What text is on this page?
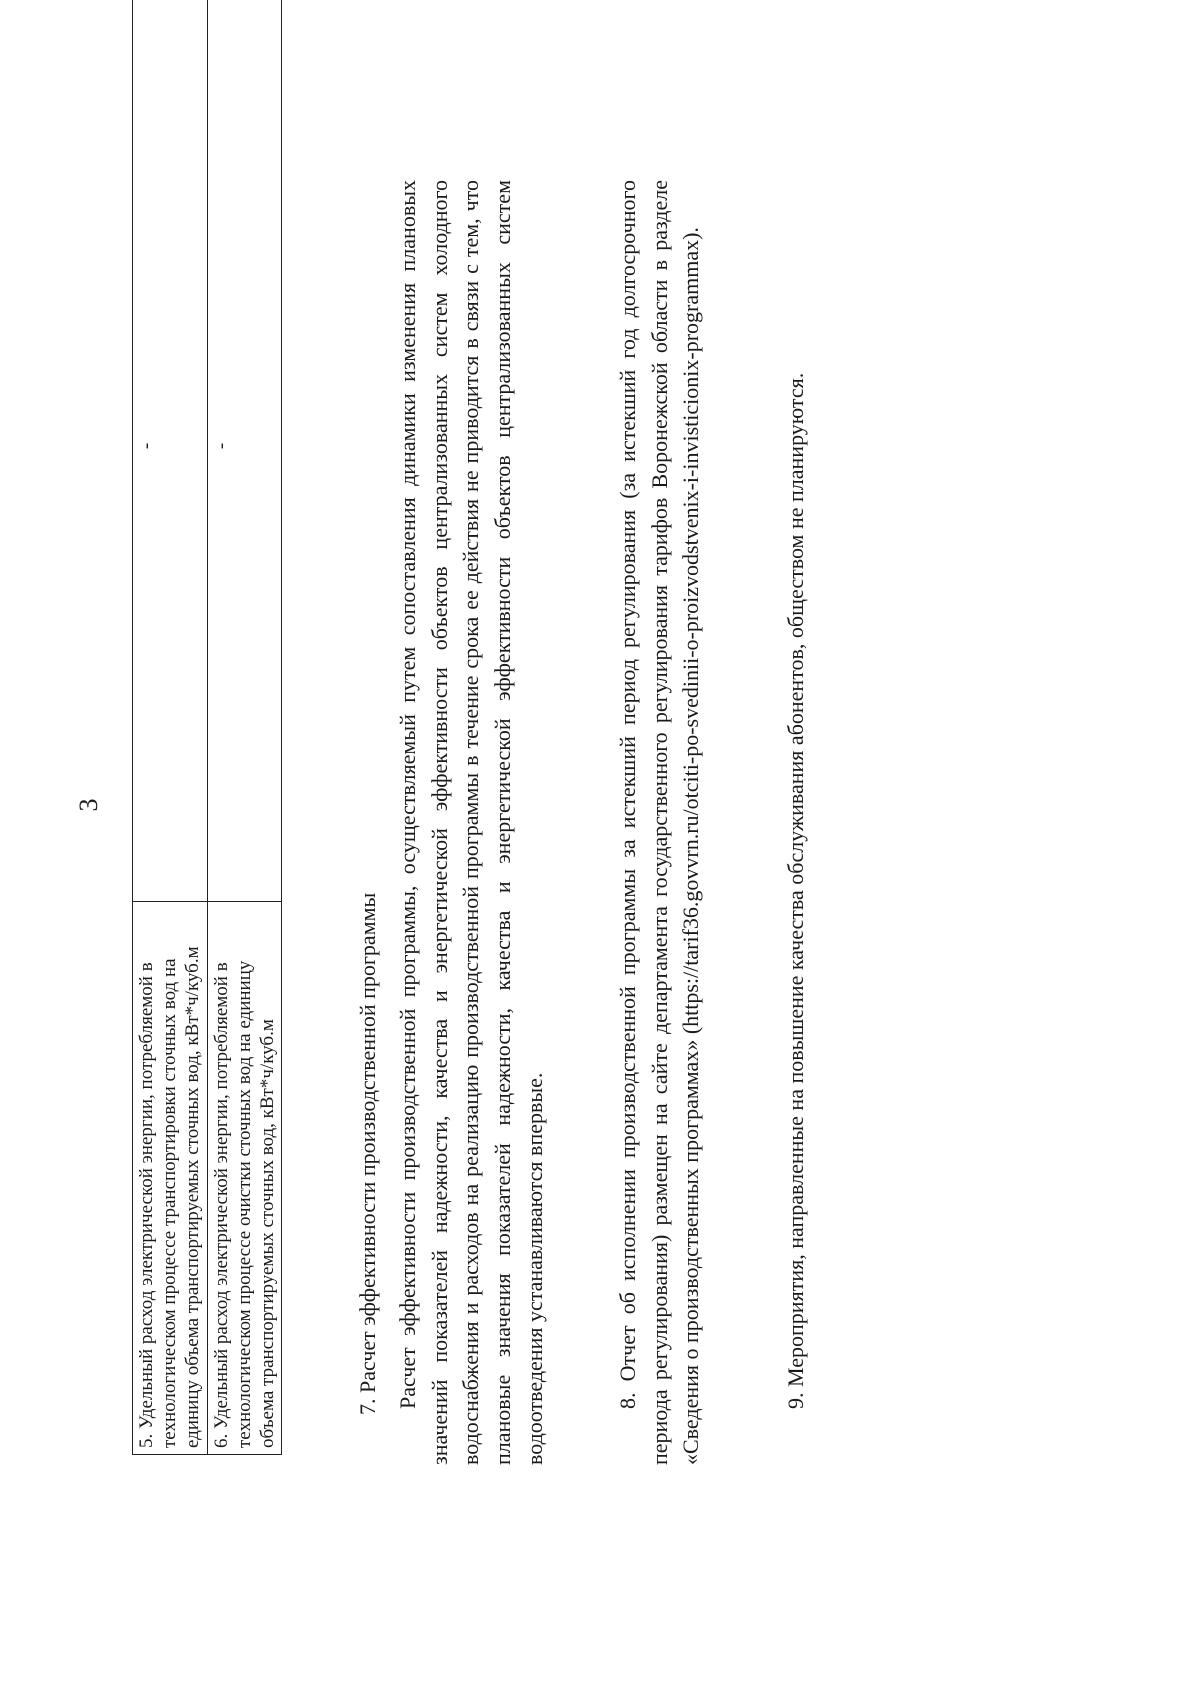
3
5. Удельный расход электрической энергии, потребляемой в технологическом процессе транспортировки сточных вод на единицу объема транспортируемых сточных вод, кВт*ч/куб.м	-
6. Удельный расход электрической энергии, потребляемой в технологическом процессе очистки сточных вод на единицу объема транспортируемых сточных вод, кВт*ч/куб.м	-
7. Расчет эффективности производственной программы Расчет эффективности производственной программы, осуществляемый путем сопоставления динамики изменения плановых значений показателей надежности, качества и энергетической эффективности объектов централизованных систем холодного водоснабжения и расходов на реализацию производственной программы в течение срока ее действия не приводится в связи с тем, что плановые значения показателей надежности, качества и энергетической эффективности объектов централизованных систем водоотведения устанавливаются впервые.	8. Отчет об исполнении производственной программы за истекший период регулирования (за истекший год долгосрочного периода регулирования) размещен на сайте департамента государственного регулирования тарифов Воронежской области в разделе «Сведения о производственных программах» (https://tarif36.govvrn.ru/otciti-po-svedinii-o-proizvodstvenix-i-invisticionix-programmax).	9. Мероприятия, направленные на повышение качества обслуживания абонентов, обществом не планируются.
